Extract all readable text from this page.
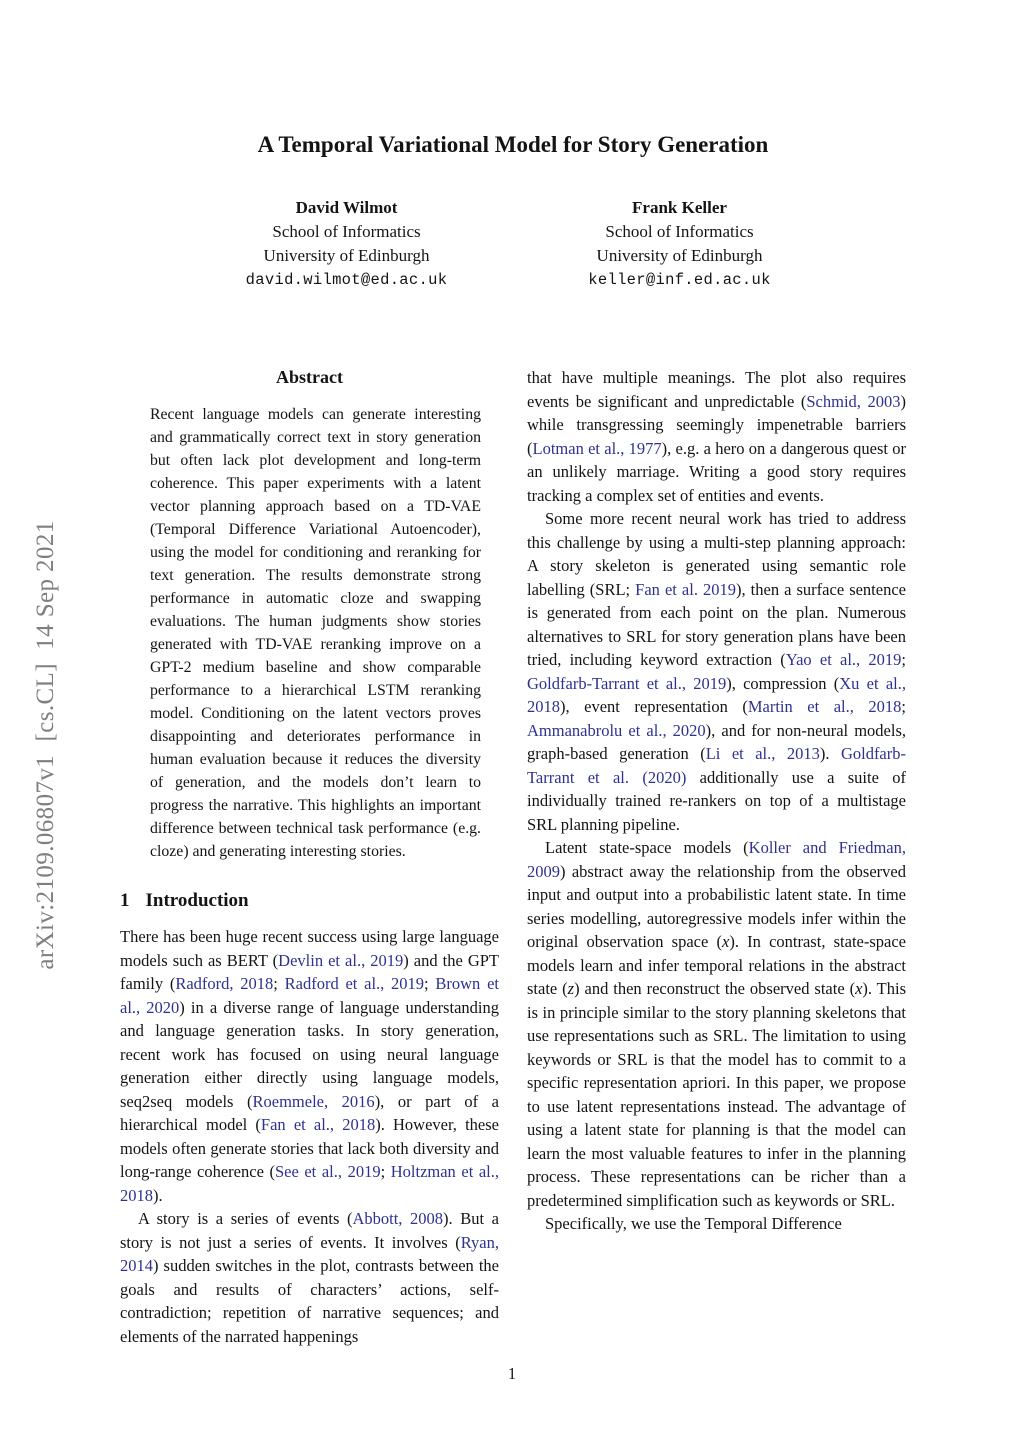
arXiv:2109.06807v1  [cs.CL]  14 Sep 2021
A Temporal Variational Model for Story Generation
David Wilmot
School of Informatics
University of Edinburgh
david.wilmot@ed.ac.uk
Frank Keller
School of Informatics
University of Edinburgh
keller@inf.ed.ac.uk
Abstract

Recent language models can generate interesting and grammatically correct text in story generation but often lack plot development and long-term coherence. This paper experiments with a latent vector planning approach based on a TD-VAE (Temporal Difference Variational Autoencoder), using the model for conditioning and reranking for text generation. The results demonstrate strong performance in automatic cloze and swapping evaluations. The human judgments show stories generated with TD-VAE reranking improve on a GPT-2 medium baseline and show comparable performance to a hierarchical LSTM reranking model. Conditioning on the latent vectors proves disappointing and deteriorates performance in human evaluation because it reduces the diversity of generation, and the models don’t learn to progress the narrative. This highlights an important difference between technical task performance (e.g. cloze) and generating interesting stories.

1 Introduction

There has been huge recent success using large language models such as BERT (Devlin et al., 2019) and the GPT family (Radford, 2018; Radford et al., 2019; Brown et al., 2020) in a diverse range of language understanding and language generation tasks. In story generation, recent work has focused on using neural language generation either directly using language models, seq2seq models (Roemmele, 2016), or part of a hierarchical model (Fan et al., 2018). However, these models often generate stories that lack both diversity and long-range coherence (See et al., 2019; Holtzman et al., 2018).

A story is a series of events (Abbott, 2008). But a story is not just a series of events. It involves (Ryan, 2014) sudden switches in the plot, contrasts between the goals and results of characters’ actions, self-contradiction; repetition of narrative sequences; and elements of the narrated happenings

that have multiple meanings. The plot also requires events be significant and unpredictable (Schmid, 2003) while transgressing seemingly impenetrable barriers (Lotman et al., 1977), e.g. a hero on a dangerous quest or an unlikely marriage. Writing a good story requires tracking a complex set of entities and events.

Some more recent neural work has tried to address this challenge by using a multi-step planning approach: A story skeleton is generated using semantic role labelling (SRL; Fan et al. 2019), then a surface sentence is generated from each point on the plan. Numerous alternatives to SRL for story generation plans have been tried, including keyword extraction (Yao et al., 2019; Goldfarb-Tarrant et al., 2019), compression (Xu et al., 2018), event representation (Martin et al., 2018; Ammanabrolu et al., 2020), and for non-neural models, graph-based generation (Li et al., 2013). Goldfarb-Tarrant et al. (2020) additionally use a suite of individually trained re-rankers on top of a multistage SRL planning pipeline.

Latent state-space models (Koller and Friedman, 2009) abstract away the relationship from the observed input and output into a probabilistic latent state. In time series modelling, autoregressive models infer within the original observation space (x). In contrast, state-space models learn and infer temporal relations in the abstract state (z) and then reconstruct the observed state (x). This is in principle similar to the story planning skeletons that use representations such as SRL. The limitation to using keywords or SRL is that the model has to commit to a specific representation apriori. In this paper, we propose to use latent representations instead. The advantage of using a latent state for planning is that the model can learn the most valuable features to infer in the planning process. These representations can be richer than a predetermined simplification such as keywords or SRL.

Specifically, we use the Temporal Difference

1
